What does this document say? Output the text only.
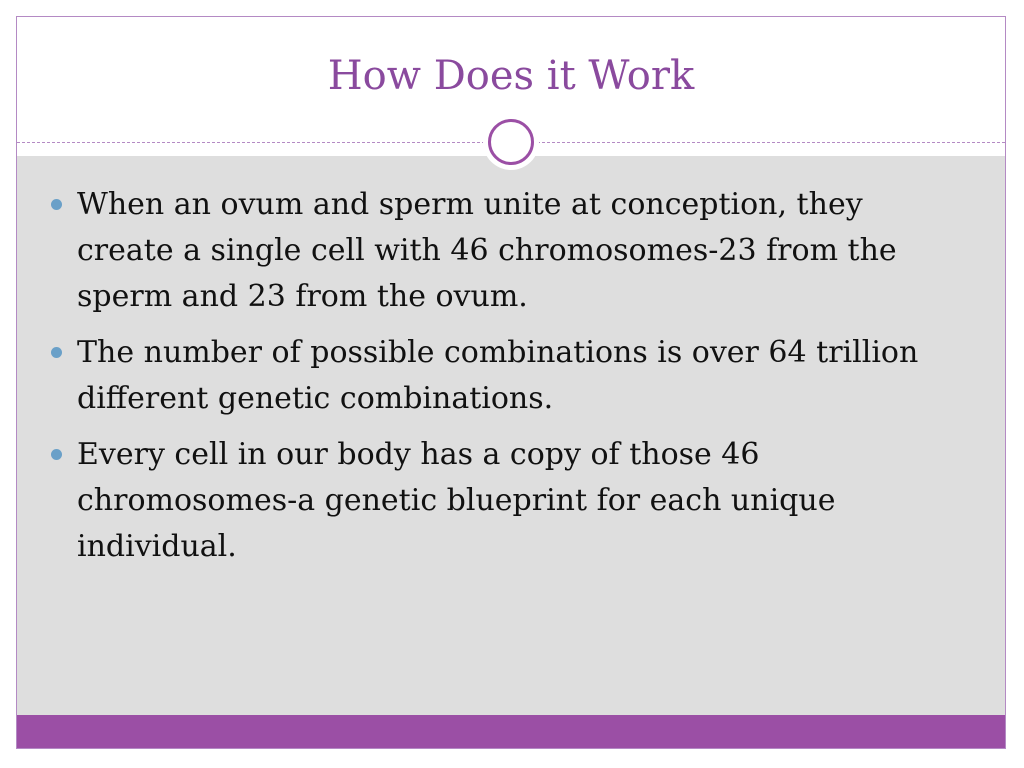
How Does it Work
When an ovum and sperm unite at conception, they create a single cell with 46 chromosomes-23 from the sperm and 23 from the ovum.
The number of possible combinations is over 64 trillion different genetic combinations.
Every cell in our body has a copy of those 46 chromosomes-a genetic blueprint for each unique individual.
